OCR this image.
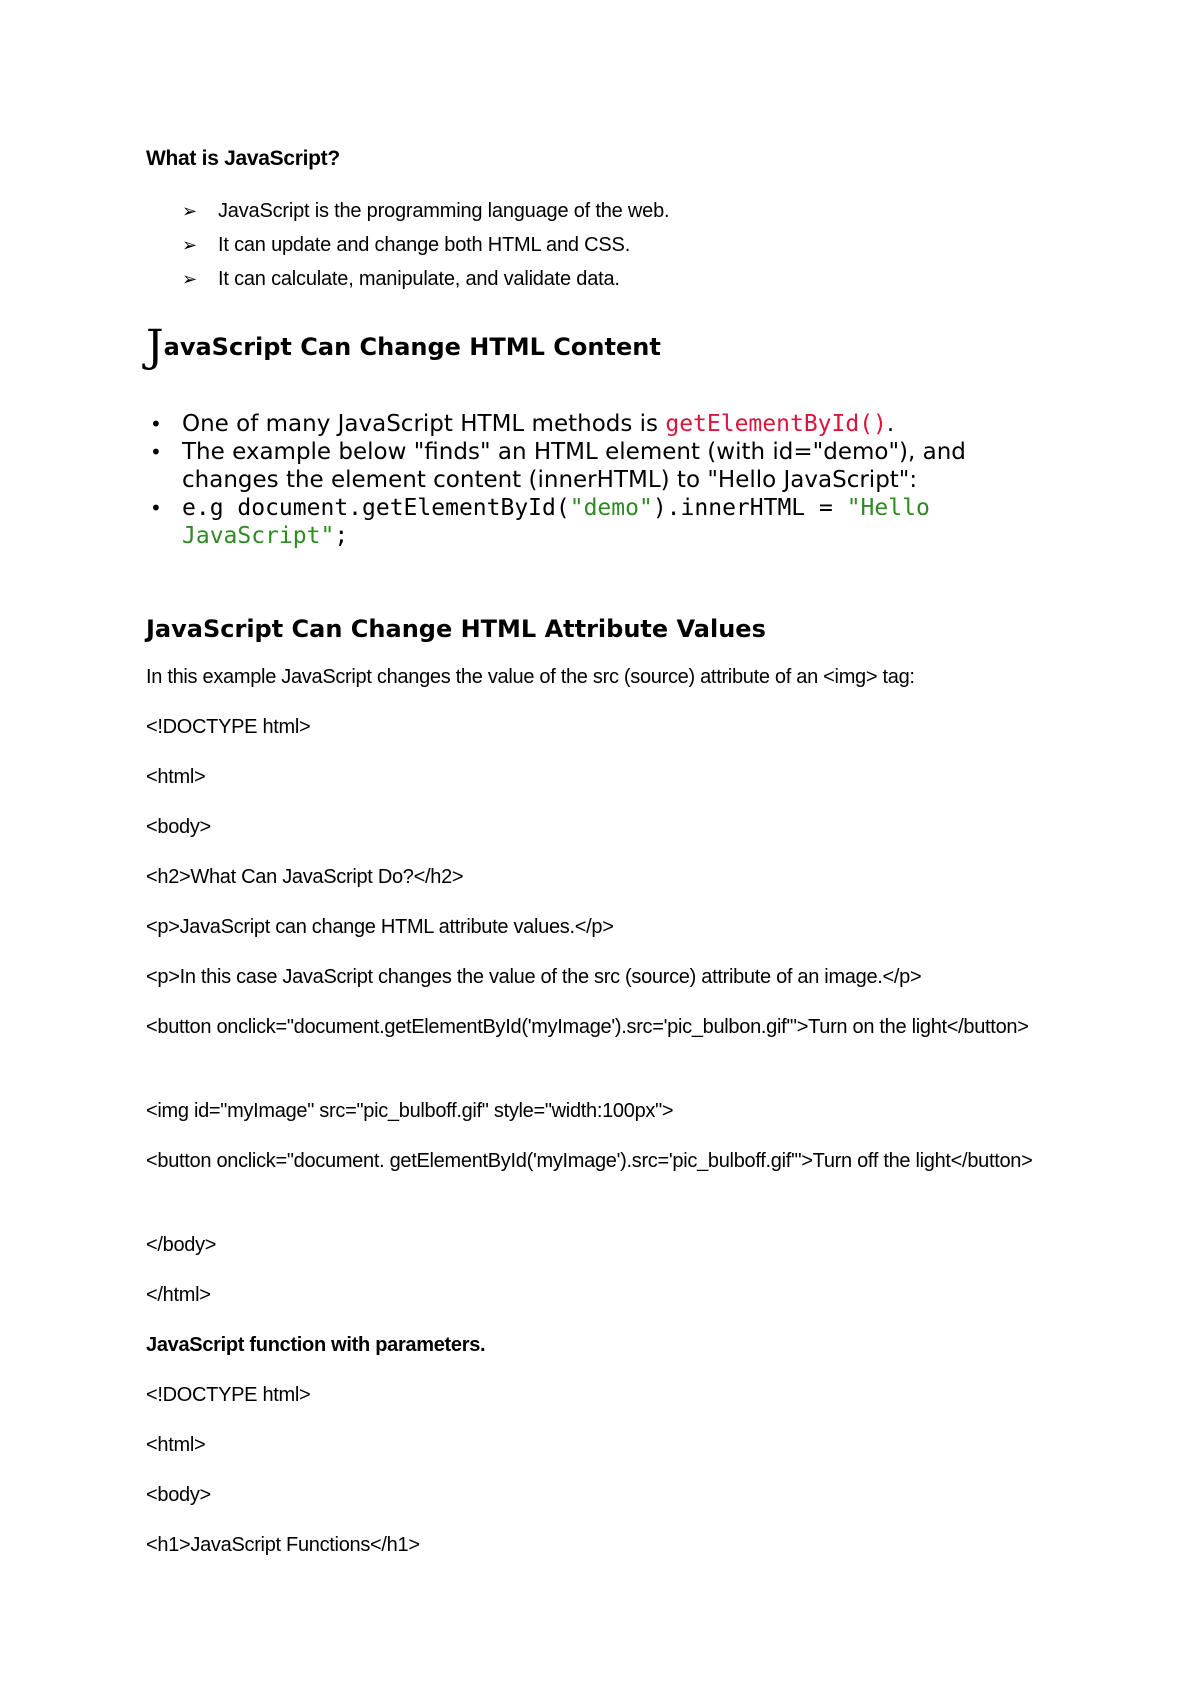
What is JavaScript?
➢	JavaScript is the programming language of the web.
➢	It can update and change both HTML and CSS.
➢	It can calculate, manipulate, and validate data.
JavaScript Can Change HTML Content
• One of many JavaScript HTML methods is getElementById().
• The example below "finds" an HTML element (with id="demo"), and changes the element content (innerHTML) to "Hello JavaScript":
• e.g document.getElementById("demo").innerHTML = "Hello JavaScript";
JavaScript Can Change HTML Attribute Values
In this example JavaScript changes the value of the src (source) attribute of an <img> tag:
<!DOCTYPE html>
<html>
<body>
<h2>What Can JavaScript Do?</h2>
<p>JavaScript can change HTML attribute values.</p>
<p>In this case JavaScript changes the value of the src (source) attribute of an image.</p>
<button onclick="document.getElementById('myImage').src='pic_bulbon.gif'">Turn on the light</button>
<img id="myImage" src="pic_bulboff.gif" style="width:100px">
<button onclick="document. getElementById('myImage').src='pic_bulboff.gif'">Turn off the light</button>
</body>
</html>
JavaScript function with parameters.
<!DOCTYPE html>
<html>
<body>
<h1>JavaScript Functions</h1>
